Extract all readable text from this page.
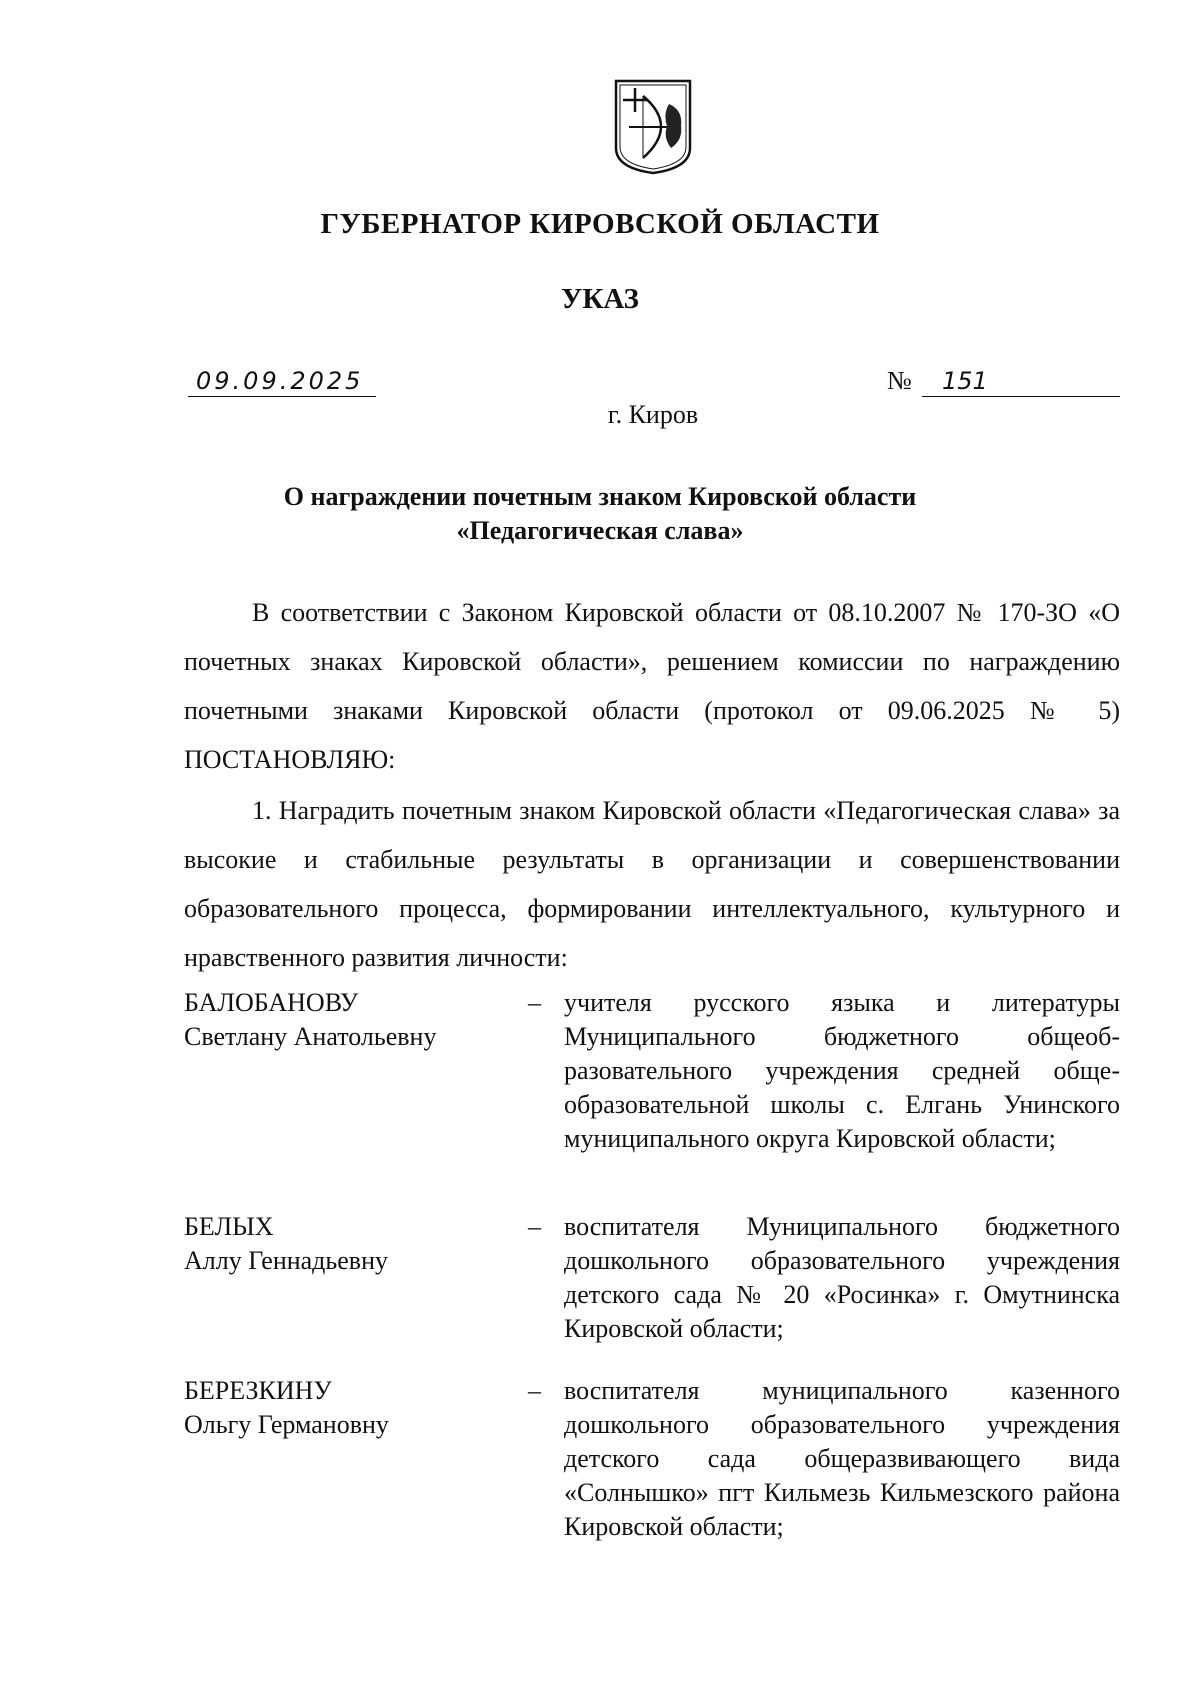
ГУБЕРНАТОР КИРОВСКОЙ ОБЛАСТИ
УКАЗ
09.09.2025	№	151
г. Киров
О награждении почетным знаком Кировской области
«Педагогическая слава»

В соответствии с Законом Кировской области от 08.10.2007 № 170-ЗО «О почетных знаках Кировской области», решением комиссии по награждению почетными знаками Кировской области (протокол от 09.06.2025 № 5) ПОСТАНОВЛЯЮ:

1. Наградить почетным знаком Кировской области «Педагогическая слава» за высокие и стабильные результаты в организации и совершенствовании образовательного процесса, формировании интеллектуального, культурного и нравственного развития личности:

БАЛОБАНОВУ
Светлану Анатольевну
– учителя русского языка и литературы Муниципального бюджетного общеобразовательного учреждения средней общеобразовательной школы с. Елгань Унинского муниципального округа Кировской области;

БЕЛЫХ
Аллу Геннадьевну
– воспитателя Муниципального бюджетного дошкольного образовательного учреждения детского сада № 20 «Росинка» г. Омутнинска Кировской области;

БЕРЕЗКИНУ
Ольгу Германовну
– воспитателя муниципального казенного дошкольного образовательного учреждения детского сада общеразвивающего вида «Солнышко» пгт Кильмезь Кильмезского района Кировской области;
